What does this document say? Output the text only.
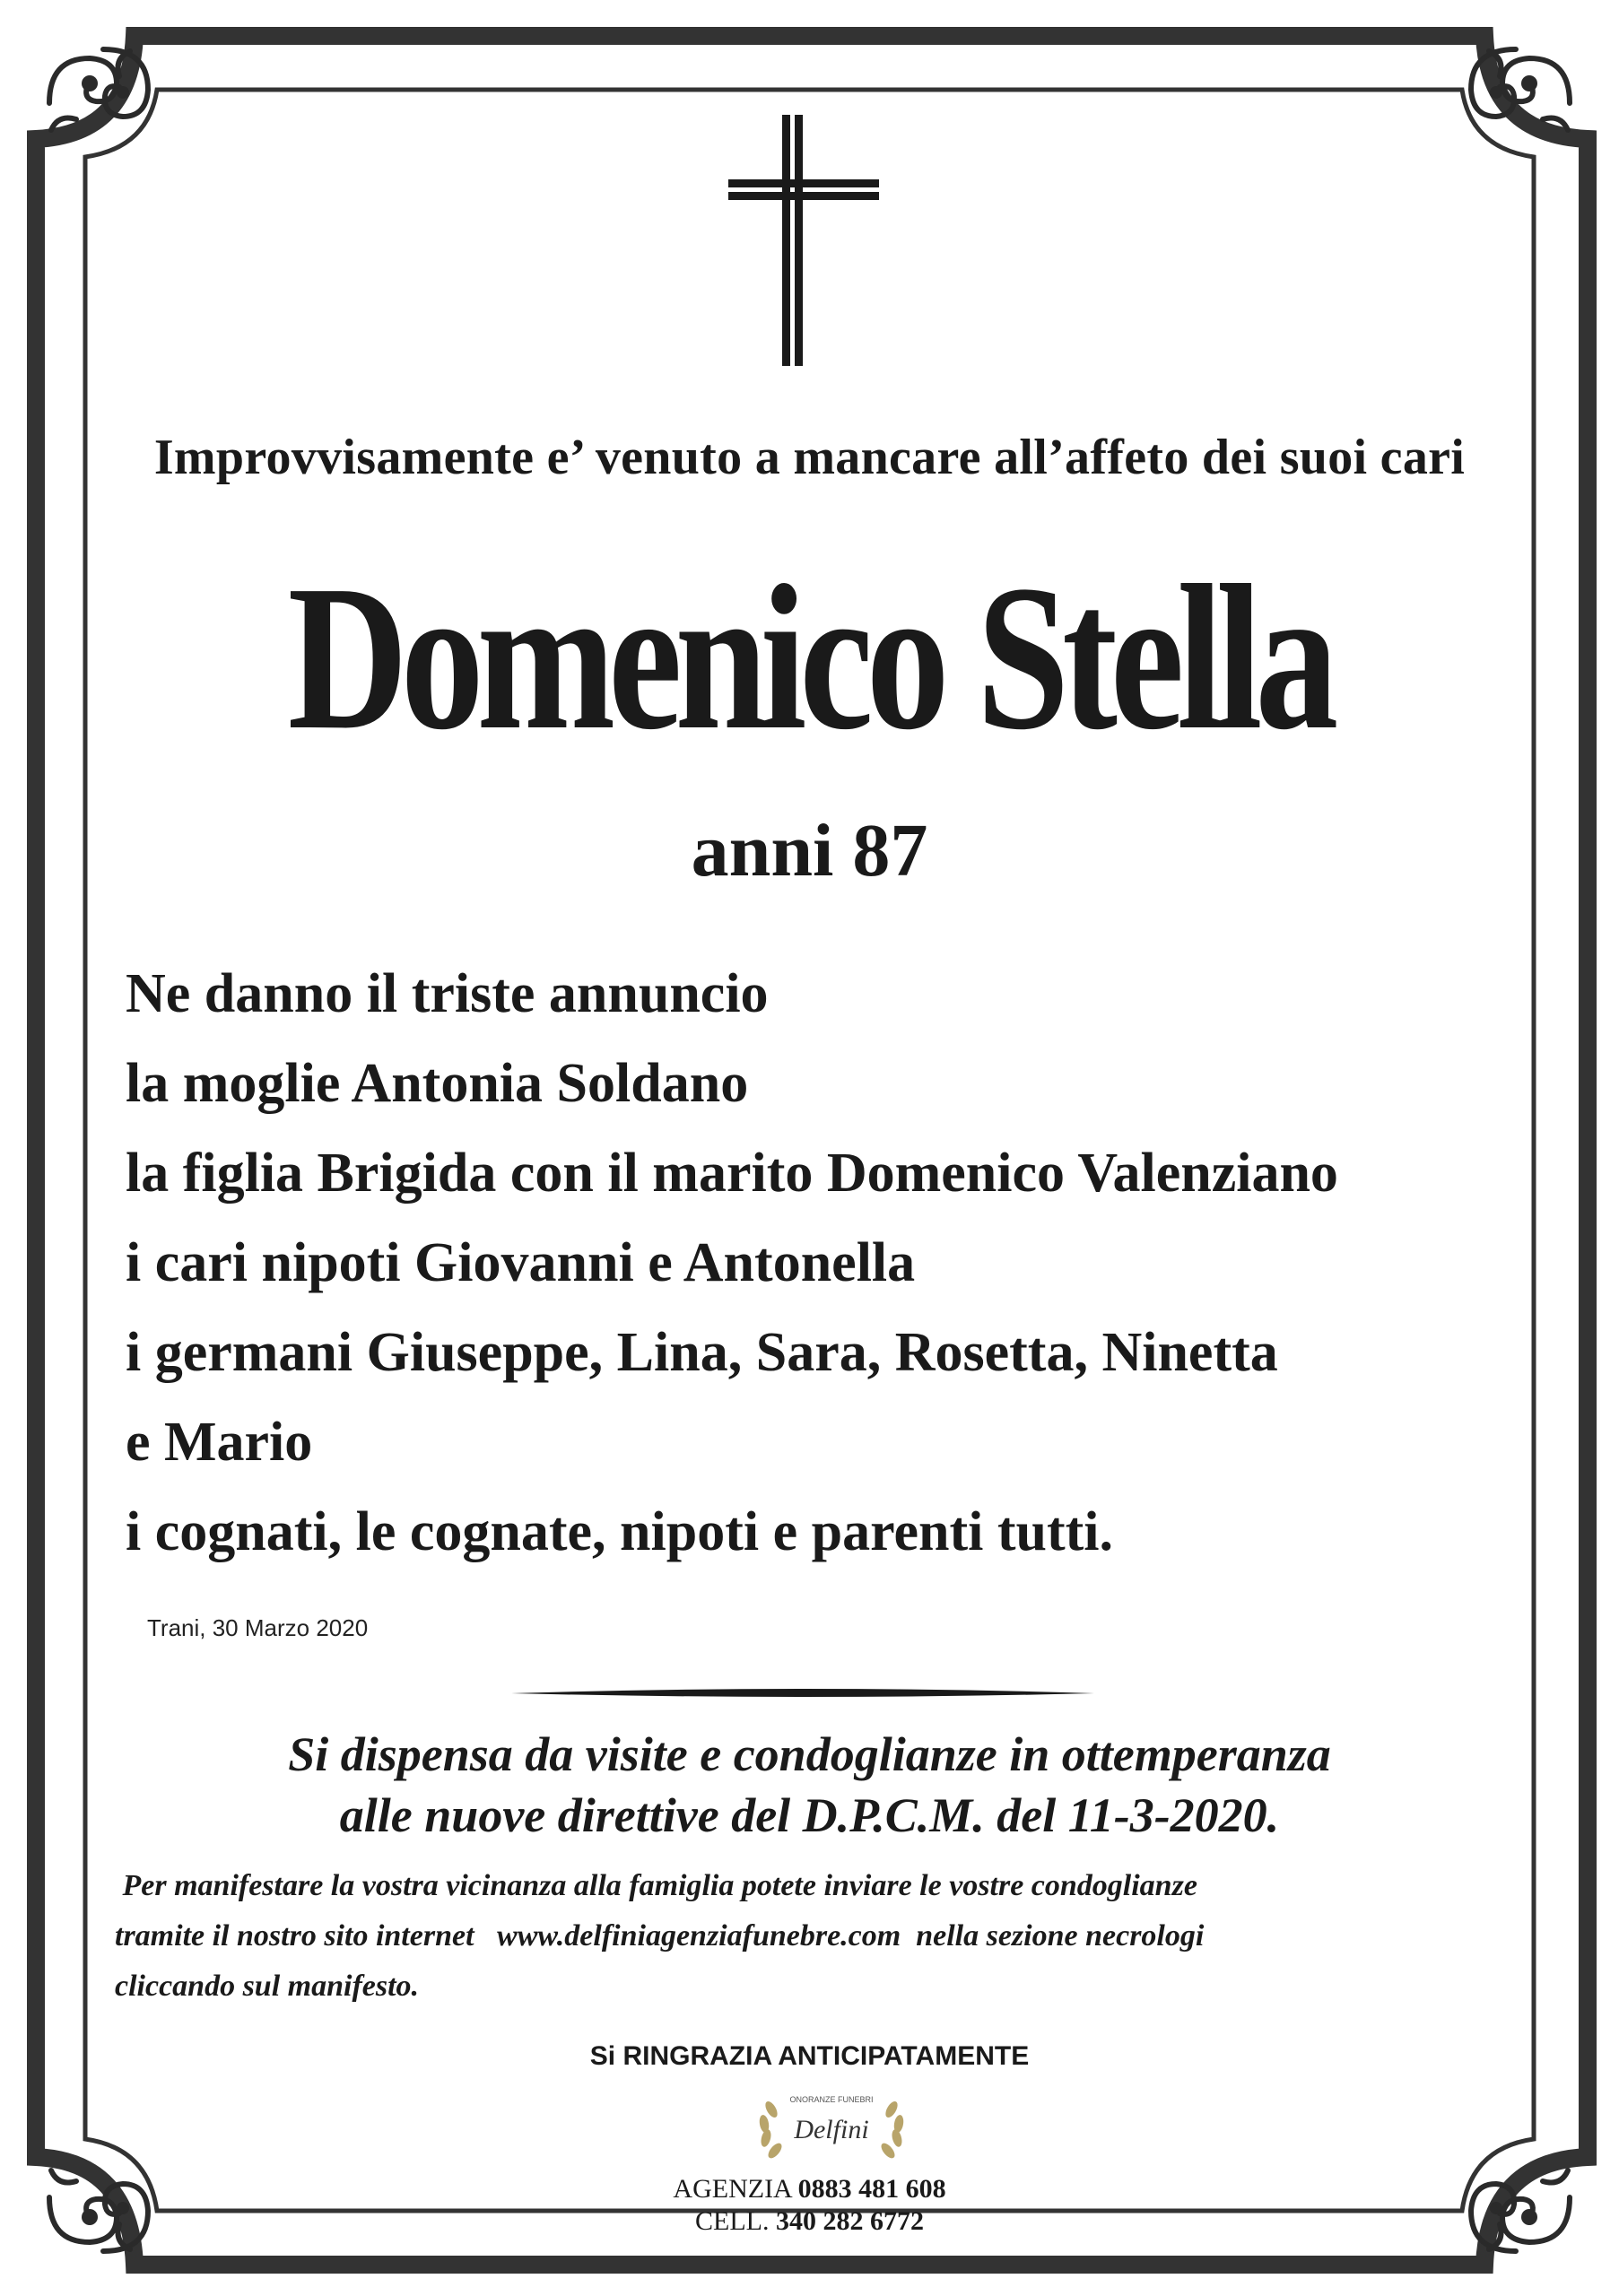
Improvvisamente e’ venuto a mancare all’affeto dei suoi cari
Domenico Stella
anni 87
Ne danno il triste annuncio
la moglie Antonia Soldano
la figlia Brigida con il marito Domenico Valenziano
i cari nipoti Giovanni e Antonella
i germani Giuseppe, Lina, Sara, Rosetta, Ninetta
e Mario
i cognati, le cognate, nipoti e parenti tutti.
Trani, 30 Marzo 2020
Si dispensa da visite e condoglianze in ottemperanza
alle nuove direttive del D.P.C.M. del 11-3-2020.
Per manifestare la vostra vicinanza alla famiglia potete inviare le vostre condoglianze
tramite il nostro sito internet   www.delfiniagenziafunebre.com  nella sezione necrologi
cliccando sul manifesto.
Si RINGRAZIA ANTICIPATAMENTE
ONORANZE FUNEBRI
Delfini
AGENZIA 0883 481 608
CELL. 340 282 6772
